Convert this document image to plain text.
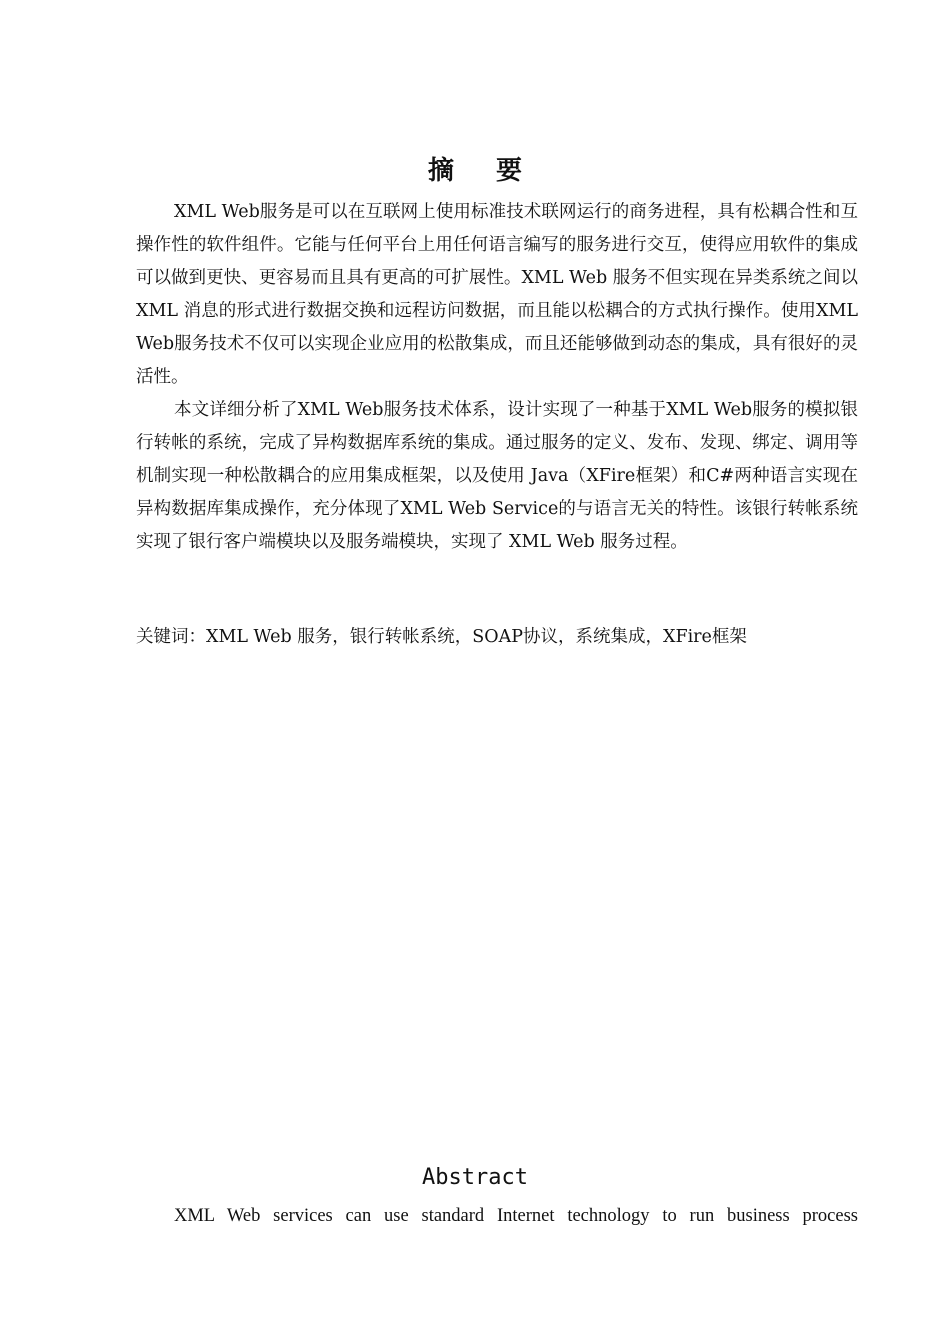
摘要

XML Web服务是可以在互联网上使用标准技术联网运行的商务进程，具有松耦合性和互操作性的软件组件。它能与任何平台上用任何语言编写的服务进行交互，使得应用软件的集成可以做到更快、更容易而且具有更高的可扩展性。XML Web 服务不但实现在异类系统之间以 XML 消息的形式进行数据交换和远程访问数据，而且能以松耦合的方式执行操作。使用XML Web服务技术不仅可以实现企业应用的松散集成，而且还能够做到动态的集成，具有很好的灵活性。

本文详细分析了XML Web服务技术体系，设计实现了一种基于XML Web服务的模拟银行转帐的系统，完成了异构数据库系统的集成。通过服务的定义、发布、发现、绑定、调用等机制实现一种松散耦合的应用集成框架，以及使用 Java（XFire框架）和C#两种语言实现在异构数据库集成操作，充分体现了XML Web Service的与语言无关的特性。该银行转帐系统实现了银行客户端模块以及服务端模块，实现了 XML Web 服务过程。

关键词：XML Web 服务，银行转帐系统，SOAP协议，系统集成，XFire框架
Abstract

XML Web services can use standard Internet technology to run business process
